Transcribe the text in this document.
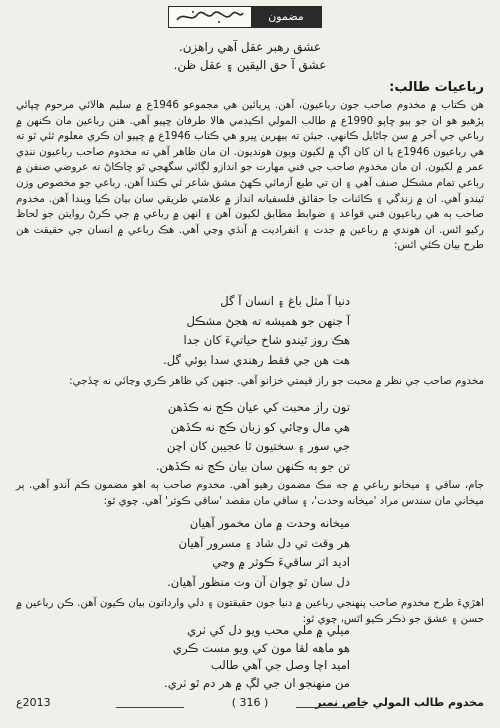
مضمون
عشق رهبر عقل آهي راهزن.
عشق آ حق اليقين ۽ عقل ظن.
رباعيات طالب:
هن ڪتاب ۾ مخدوم صاحب جون رباعيون، آهن. ڀريائين هي مجموعو 1946ع ۾ سليم هالائي مرحوم ڇپائي پڙهيو هو ان جو ٻيو ڇاپو 1990ع ۾ طالب المولي اڪيڊمي هالا طرفان ڇپيو آهي. هنن رباعين مان ڪنهن ۾ رباعي جي آخر ۾ سن ڄاڻايل ڪانهي. جيئن ته ٻيهرين ڀيرو هي ڪتاب 1946ع ۾ ڇپيو ان ڪري معلوم ٿئي ٿو ته هي رباعيون 1946ع يا ان کان اڳ ۾ لکيون ويون هونديون. ان مان ظاهر آهي ته مخدوم صاحب رباعيون ننڍي عمر ۾ لکيون. ان مان مخدوم صاحب جي فني مهارت جو اندازو لڳائي سگهجي ٿو ڇاڪاڻ ته عروضي صنفن ۾ رباعي تمام مشڪل صنف آهي ۽ ان تي طبع آزمائي ڪهڻ مشق شاعر ئي ڪندا آهن. رباعي جو مخصوص وزن ٿيندو آهي. ان ۾ زندگي ۽ ڪائنات جا حقائق فلسفيانه انداز ۾ علامتي طريقي سان بيان ڪيا ويندا آهن. مخدوم صاحب ٻه هي رباعيون فني قواعد ۽ ضوابط مطابق لکيون آهن ۽ انهن ۾ رباعي ۾ جي ڪرڻ روايتن جو لحاظ رکيو اٿس. ان هوندي ۾ رباعين ۾ جدت ۽ انفراديت ۾ آنڌي وڃي آهي. هڪ رباعي ۾ انسان جي حقيقت هن طرح بيان ڪئي اٿس:
دنيا آ مثل باغ ۽ انسان آ گل
آ جنهن جو هميشه ته هجڻ مشڪل
هڪ روز ٿيندو شاخ حياتيءَ کان جدا
هت هن جي فقط رهندي سدا بوئي گل.
مخدوم صاحب جي نظر ۾ محبت جو راز قيمتي خزانو آهي. جنهن کي ظاهر ڪري وڃائي نه ڇڏجي:
تون راز محبت کي عيان ڪج نه ڪڏهن
هي مال وڃائي کو زبان ڪج نه ڪڏهن
جي سور ۽ سختيون ٿا عجيبن کان اچن
تن جو ٻه ڪنهن سان بيان ڪج نه ڪڏهن.
جام، ساقي ۽ ميخانو رباعي ۾ جه مڪ مضمون رهيو آهي. مخدوم صاحب ٻه اهو مضمون ڪم آندو آهي. ٻر ميخاني مان سندس مراد 'ميخانه وحدت'، ۽ ساقي مان مقصد 'ساقي ڪوثر' آهي. چوي ٿو:
ميخانه وحدت ۾ مان مخمور آهيان
هر وقت تي دل شاد ۽ مسرور آهيان
اديد اثر ساقيءَ ڪوثر ۾ وڃي
دل سان ٿو چوان آن وت منظور آهيان.
اهڙيءَ طرح مخدوم صاحب پنهنجي رباعين ۾ دنيا جون حقيقتون ۽ دلي وارداتون بيان ڪيون آهن. ڪن رباعين ۾ حسن ۽ عشق جو ذڪر ڪيو اٿس، چوي ٿو:
ميلي ۾ ملي محب ويو دل کي ٺري
هو ماهه لقا مون کي ويو مست ڪري
اميد اچا وصل جي آهي طالب
من منهنجو ان جي لڳ ۾ هر دم ٿو ٺري.
مخدوم طالب المولي خاص نمبر
( 316 )
2013ع
